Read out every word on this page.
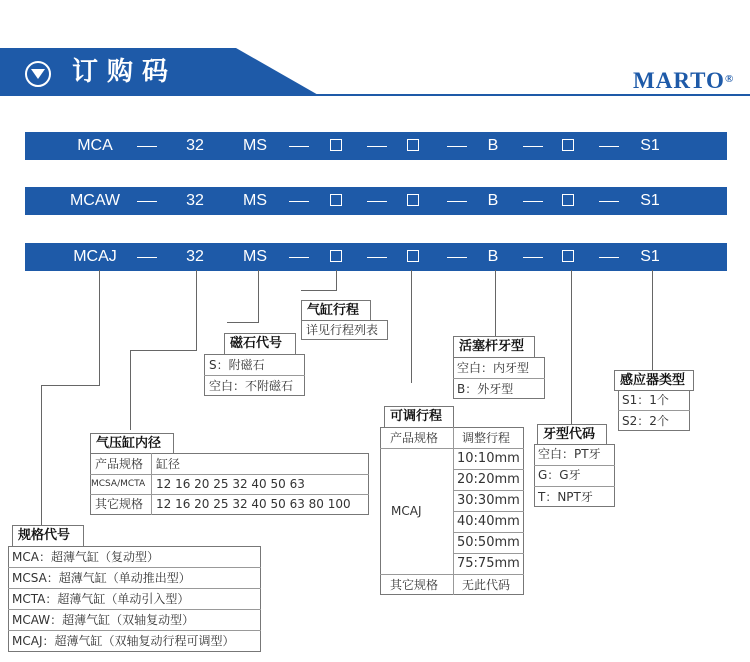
订购码	MARTO®
MCA	32 MS	B	S1
MCAW	32 MS	B	S1
MCAJ	32 MS	B	S1
气缸行程
详见行程列表
磁石代号
S：附磁石
空白：不附磁石
活塞杆牙型
空白：内牙型
B：外牙型
感应器类型
S1：1个
S2：2个
牙型代码
空白：PT牙
G：G牙
T：NPT牙
可调行程
产品规格 调整行程
MCAJ
10:10mm
20:20mm
30:30mm
40:40mm
50:50mm
75:75mm
其它规格 无此代码
气压缸内径
产品规格 缸径
MCSA/MCTA 12 16 20 25 32 40 50 63
其它规格 12 16 20 25 32 40 50 63 80 100
规格代号
MCA：超薄气缸（复动型）
MCSA：超薄气缸（单动推出型）
MCTA：超薄气缸（单动引入型）
MCAW：超薄气缸（双轴复动型）
MCAJ：超薄气缸（双轴复动行程可调型）
